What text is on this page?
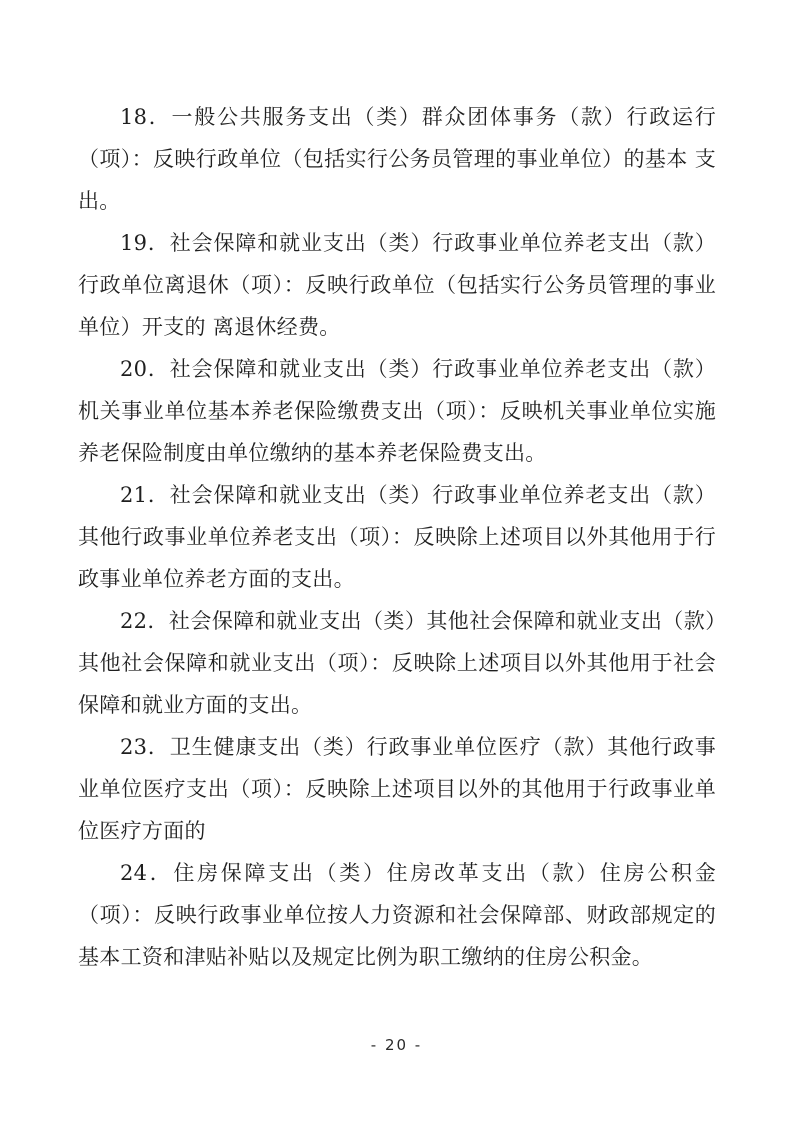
18．一般公共服务支出（类）群众团体事务（款）行政运行（项）：反映行政单位（包括实行公务员管理的事业单位）的基本 支出。

19．社会保障和就业支出（类）行政事业单位养老支出（款）行政单位离退休（项）：反映行政单位（包括实行公务员管理的事业单位）开支的 离退休经费。

20．社会保障和就业支出（类）行政事业单位养老支出（款）机关事业单位基本养老保险缴费支出（项）：反映机关事业单位实施养老保险制度由单位缴纳的基本养老保险费支出。

21．社会保障和就业支出（类）行政事业单位养老支出（款）其他行政事业单位养老支出（项）：反映除上述项目以外其他用于行政事业单位养老方面的支出。

22．社会保障和就业支出（类）其他社会保障和就业支出（款）其他社会保障和就业支出（项）：反映除上述项目以外其他用于社会保障和就业方面的支出。

23．卫生健康支出（类）行政事业单位医疗（款）其他行政事业单位医疗支出（项）：反映除上述项目以外的其他用于行政事业单位医疗方面的

24．住房保障支出（类）住房改革支出（款）住房公积金（项）：反映行政事业单位按人力资源和社会保障部、财政部规定的 基本工资和津贴补贴以及规定比例为职工缴纳的住房公积金。

- 20 -
